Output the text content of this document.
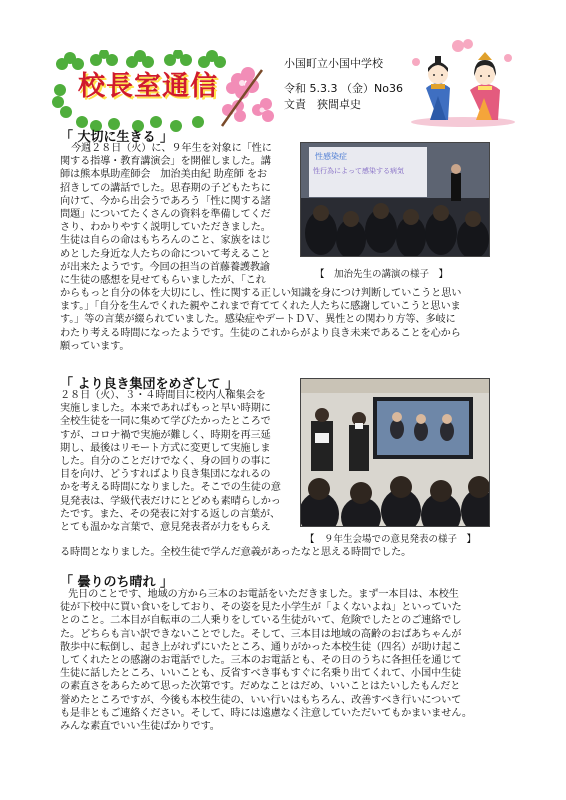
校長室通信
小国町立小国中学校
令和 5.3.3 （金）No36
文責　狹間卓史
「 大切に生きる 」
今週２８日（火）に、９年生を対象に「性に
関する指導・教育講演会」を開催しました。講
師は熊本県助産師会　加治美由紀 助産師 をお
招きしての講話でした。思春期の子どもたちに
向けて、今から出会うであろう「性に関する諸
問題」についてたくさんの資料を準備してくだ
さり、わかりやすく説明していただきました。
生徒は自らの命はもちろんのこと、家族をはじ
めとした身近な人たちの命について考えること
が出来たようです。今回の担当の首藤養護教諭
に生徒の感想を見せてもらいましたが、「これ
性感染症
性行為によって感染する病気
【　加治先生の講演の様子　】
からもっと自分の体を大切にし、性に関する正しい知識を身につけ判断していこうと思い
ます。」「自分を生んでくれた親やこれまで育ててくれた人たちに感謝していこうと思いま
す。」等の言葉が綴られていました。感染症やデートＤＶ、異性との関わり方等、多岐に
わたり考える時間になったようです。生徒のこれからがより良き未来であることを心から
願っています。
「 より良き集団をめざして 」
２８日（火）、３・４時間目に校内人権集会を
実施しました。本来であればもっと早い時期に
全校生徒を一同に集めて学びたかったところで
すが、コロナ禍で実施が難しく、時期を再三延
期し、最後はリモート方式に変更して実施しま
した。自分のことだけでなく、身の回りの事に
目を向け、どうすればより良き集団になれるの
かを考える時間になりました。そこでの生徒の意
見発表は、学級代表だけにとどめも素晴らしかっ
たです。また、その発表に対する返しの言葉が、
とても温かな言葉で、意見発表者が力をもらえ
【　９年生会場での意見発表の様子　】
る時間となりました。全校生徒で学んだ意義があったなと思える時間でした。
「 曇りのち晴れ 」
先日のことです、地域の方から三本のお電話をいただきました。まず一本目は、本校生
徒が下校中に買い食いをしており、その姿を見た小学生が「よくないよね」といっていた
とのこと。二本目が自転車の二人乗りをしている生徒がいて、危険でしたとのご連絡でし
た。どちらも言い訳できないことでした。そして、三本目は地域の高齢のおばあちゃんが
散歩中に転倒し、起き上がれずにいたところ、通りがかった本校生徒（四名）が助け起こ
してくれたとの感謝のお電話でした。三本のお電話とも、その日のうちに各担任を通じて
生徒に話したところ、いいことも、反省すべき事もすぐに名乗り出てくれて、小国中生徒
の素直さをあらためて思った次第です。だめなことはだめ、いいことはたいしたもんだと
誉めたところですが、今後も本校生徒の、いい行いはもちろん、改善すべき行いについて
も是非ともご連絡ください。そして、時には遠慮なく注意していただいてもかまいません。
みんな素直でいい生徒ばかりです。
